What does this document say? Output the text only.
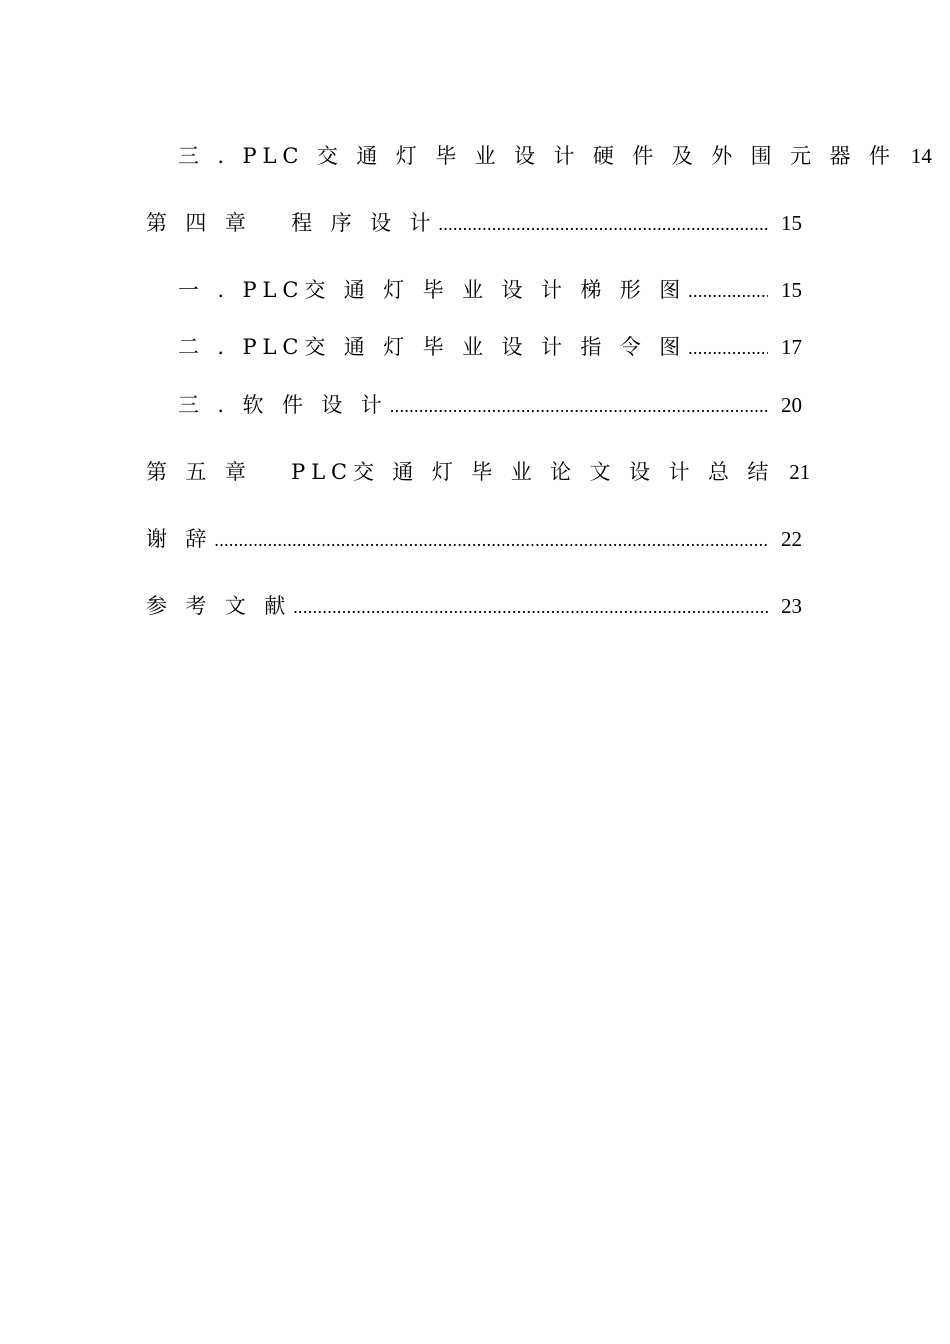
三 . PLC 交 通 灯 毕 业 设 计 硬 件 及 外 围 元 器 件 14
第 四 章　 程 序 设 计 .....	15
一 . PLC交 通 灯 毕 业 设 计 梯 形 图 .....	15
二 . PLC交 通 灯 毕 业 设 计 指 令 图 .....	17
三 . 软 件 设 计 .....	20
第 五 章　 PLC交 通 灯 毕 业 论 文 设 计 总 结 21
谢 辞 .....	22
参 考 文 献 .....	23
